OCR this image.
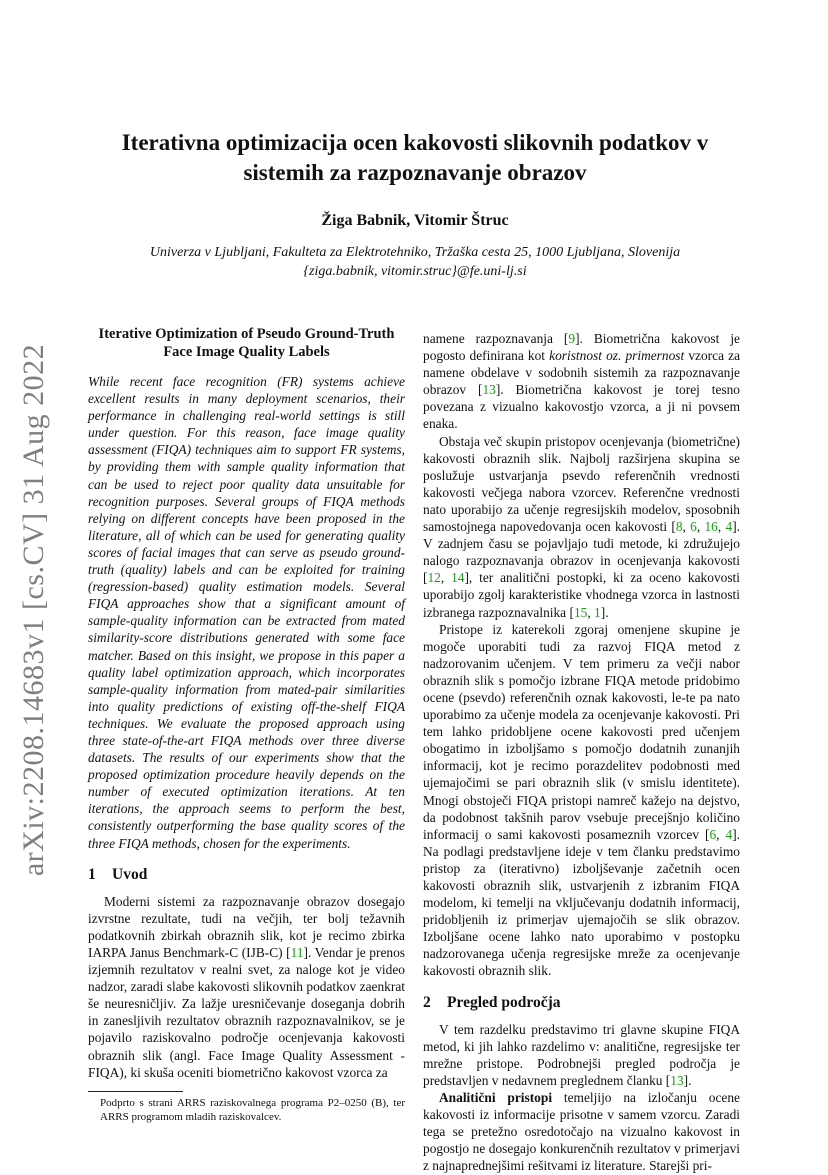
arXiv:2208.14683v1 [cs.CV] 31 Aug 2022
Iterativna optimizacija ocen kakovosti slikovnih podatkov v sistemih za razpoznavanje obrazov
Žiga Babnik, Vitomir Štruc
Univerza v Ljubljani, Fakulteta za Elektrotehniko, Tržaška cesta 25, 1000 Ljubljana, Slovenija
{ziga.babnik, vitomir.struc}@fe.uni-lj.si
Iterative Optimization of Pseudo Ground-Truth Face Image Quality Labels

While recent face recognition (FR) systems achieve excellent results in many deployment scenarios, their performance in challenging real-world settings is still under question. For this reason, face image quality assessment (FIQA) techniques aim to support FR systems, by providing them with sample quality information that can be used to reject poor quality data unsuitable for recognition purposes. Several groups of FIQA methods relying on different concepts have been proposed in the literature, all of which can be used for generating quality scores of facial images that can serve as pseudo ground-truth (quality) labels and can be exploited for training (regression-based) quality estimation models. Several FIQA approaches show that a significant amount of sample-quality information can be extracted from mated similarity-score distributions generated with some face matcher. Based on this insight, we propose in this paper a quality label optimization approach, which incorporates sample-quality information from mated-pair similarities into quality predictions of existing off-the-shelf FIQA techniques. We evaluate the proposed approach using three state-of-the-art FIQA methods over three diverse datasets. The results of our experiments show that the proposed optimization procedure heavily depends on the number of executed optimization iterations. At ten iterations, the approach seems to perform the best, consistently outperforming the base quality scores of the three FIQA methods, chosen for the experiments.

1 Uvod

Moderni sistemi za razpoznavanje obrazov dosegajo izvrstne rezultate, tudi na večjih, ter bolj težavnih podatkovnih zbirkah obraznih slik, kot je recimo zbirka IARPA Janus Benchmark-C (IJB-C) [11]. Vendar je prenos izjemnih rezultatov v realni svet, za naloge kot je video nadzor, zaradi slabe kakovosti slikovnih podatkov zaenkrat še neuresničljiv. Za lažje uresničevanje doseganja dobrih in zanesljivih rezultatov obraznih razpoznavalnikov, se je pojavilo raziskovalno področje ocenjevanja kakovosti obraznih slik (angl. Face Image Quality Assessment - FIQA), ki skuša oceniti biometrično kakovost vzorca za

Podprto s strani ARRS raziskovalnega programa P2–0250 (B), ter ARRS programom mladih raziskovalcev.

namene razpoznavanja [9]. Biometrična kakovost je pogosto definirana kot koristnost oz. primernost vzorca za namene obdelave v sodobnih sistemih za razpoznavanje obrazov [13]. Biometrična kakovost je torej tesno povezana z vizualno kakovostjo vzorca, a ji ni povsem enaka.

Obstaja več skupin pristopov ocenjevanja (biometrične) kakovosti obraznih slik. Najbolj razširjena skupina se poslužuje ustvarjanja psevdo referenčnih vrednosti kakovosti večjega nabora vzorcev. Referenčne vrednosti nato uporabijo za učenje regresijskih modelov, sposobnih samostojnega napovedovanja ocen kakovosti [8, 6, 16, 4]. V zadnjem času se pojavljajo tudi metode, ki združujejo nalogo razpoznavanja obrazov in ocenjevanja kakovosti [12, 14], ter analitični postopki, ki za oceno kakovosti uporabijo zgolj karakteristike vhodnega vzorca in lastnosti izbranega razpoznavalnika [15, 1].

Pristope iz katerekoli zgoraj omenjene skupine je mogoče uporabiti tudi za razvoj FIQA metod z nadzorovanim učenjem. V tem primeru za večji nabor obraznih slik s pomočjo izbrane FIQA metode pridobimo ocene (psevdo) referenčnih oznak kakovosti, le-te pa nato uporabimo za učenje modela za ocenjevanje kakovosti. Pri tem lahko pridobljene ocene kakovosti pred učenjem obogatimo in izboljšamo s pomočjo dodatnih zunanjih informacij, kot je recimo porazdelitev podobnosti med ujemajočimi se pari obraznih slik (v smislu identitete). Mnogi obstoječi FIQA pristopi namreč kažejo na dejstvo, da podobnost takšnih parov vsebuje precejšnjo količino informacij o sami kakovosti posameznih vzorcev [6, 4]. Na podlagi predstavljene ideje v tem članku predstavimo pristop za (iterativno) izboljševanje začetnih ocen kakovosti obraznih slik, ustvarjenih z izbranim FIQA modelom, ki temelji na vključevanju dodatnih informacij, pridobljenih iz primerjav ujemajočih se slik obrazov. Izboljšane ocene lahko nato uporabimo v postopku nadzorovanega učenja regresijske mreže za ocenjevanje kakovosti obraznih slik.

2 Pregled področja

V tem razdelku predstavimo tri glavne skupine FIQA metod, ki jih lahko razdelimo v: analitične, regresijske ter mrežne pristope. Podrobnejši pregled področja je predstavljen v nedavnem preglednem članku [13].

Analitični pristopi temeljijo na izločanju ocene kakovosti iz informacije prisotne v samem vzorcu. Zaradi tega se pretežno osredotočajo na vizualno kakovost in pogostjo ne dosegajo konkurenčnih rezultatov v primerjavi z najnaprednejšimi rešitvami iz literature. Starejši pri-
